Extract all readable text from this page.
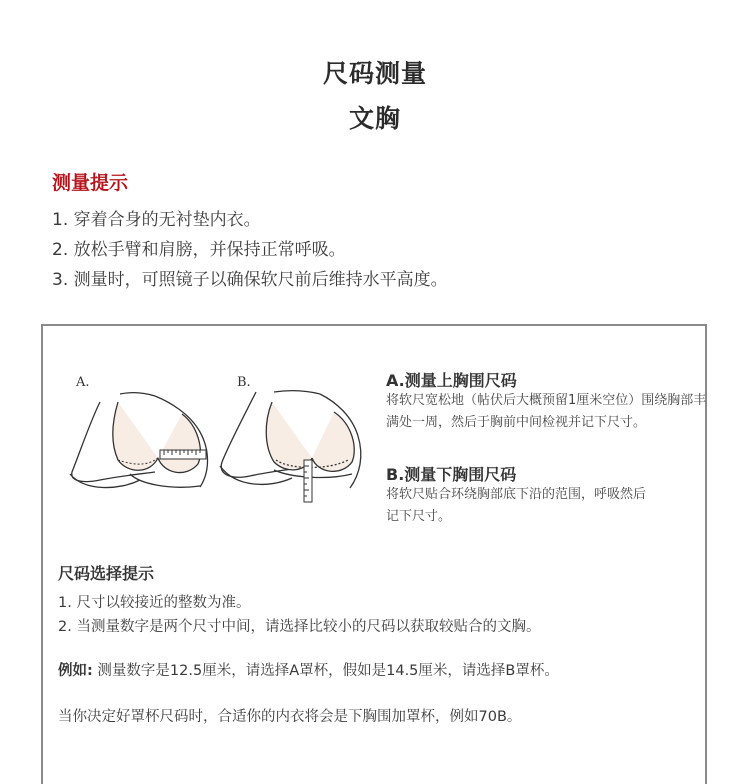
尺码测量
文胸
测量提示
1. 穿着合身的无衬垫内衣。
2. 放松手臂和肩膀，并保持正常呼吸。
3. 测量时，可照镜子以确保软尺前后维持水平高度。
A.	B.	A.测量上胸围尺码
将软尺宽松地（帖伏后大概预留1厘米空位）围绕胸部丰满处一周，然后于胸前中间检视并记下尺寸。
B.测量下胸围尺码
将软尺贴合环绕胸部底下沿的范围，呼吸然后记下尺寸。
尺码选择提示
1. 尺寸以较接近的整数为准。
2. 当测量数字是两个尺寸中间，请选择比较小的尺码以获取较贴合的文胸。
例如: 测量数字是12.5厘米，请选择A罩杯，假如是14.5厘米，请选择B罩杯。
当你决定好罩杯尺码时，合适你的内衣将会是下胸围加罩杯，例如70B。
